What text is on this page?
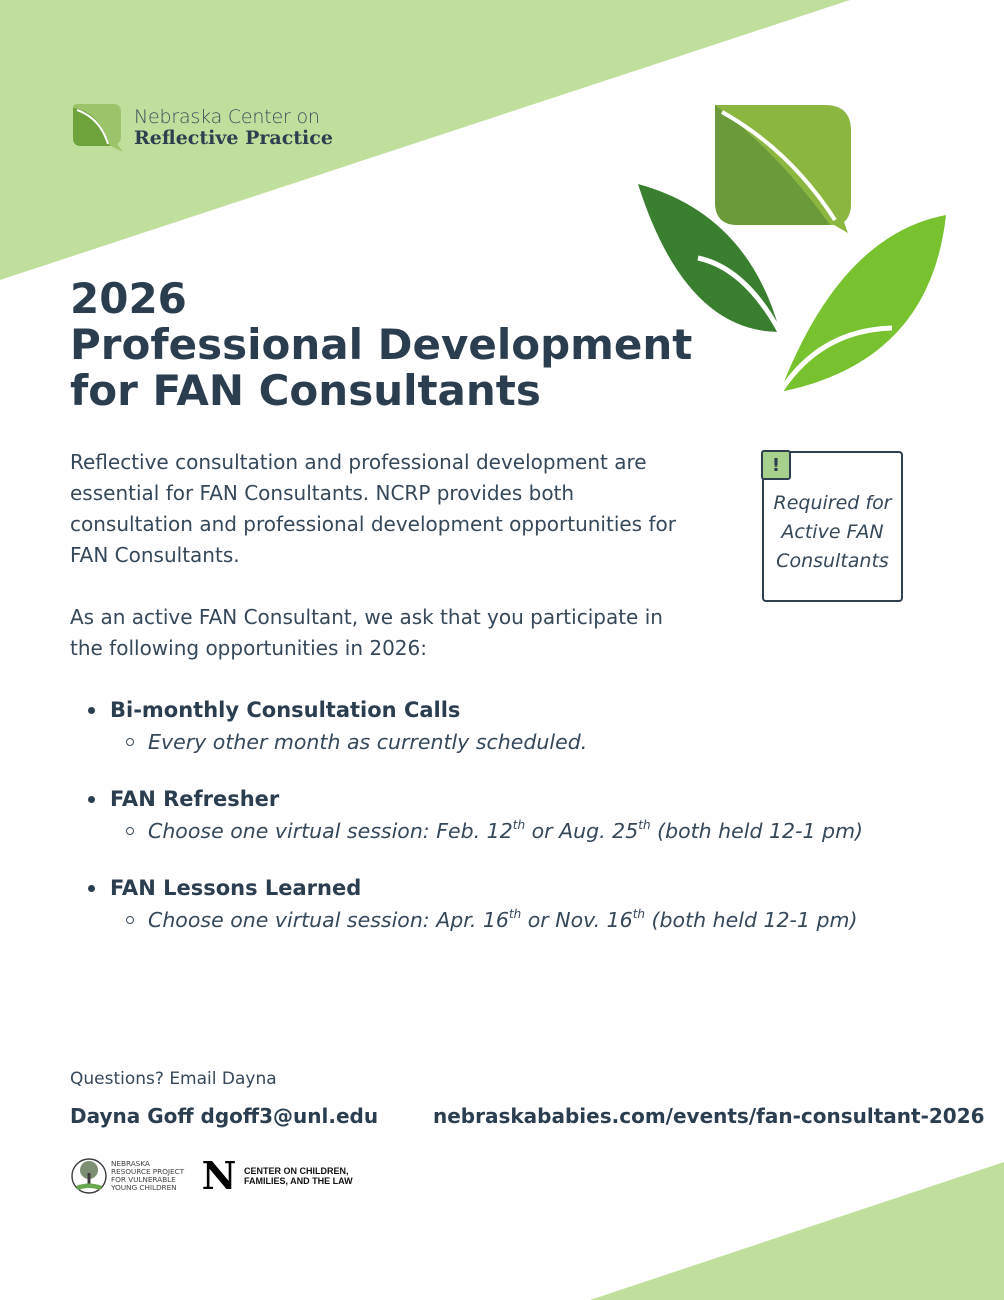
Nebraska Center on
Reflective Practice
2026
Professional Development
for FAN Consultants

Reflective consultation and professional development are essential for FAN Consultants. NCRP provides both consultation and professional development opportunities for FAN Consultants.

As an active FAN Consultant, we ask that you participate in the following opportunities in 2026:

!
Required for
Active FAN
Consultants
Bi-monthly Consultation Calls
Every other month as currently scheduled.
FAN Refresher
Choose one virtual session: Feb. 12th or Aug. 25th (both held 12-1 pm)
FAN Lessons Learned
Choose one virtual session: Apr. 16th or Nov. 16th (both held 12-1 pm)
Questions? Email Dayna
Dayna Goff dgoff3@unl.edu	nebraskababies.com/events/fan-consultant-2026
NEBRASKA
RESOURCE PROJECT
FOR VULNERABLE
YOUNG CHILDREN N CENTER ON CHILDREN,
FAMILIES, AND THE LAW
